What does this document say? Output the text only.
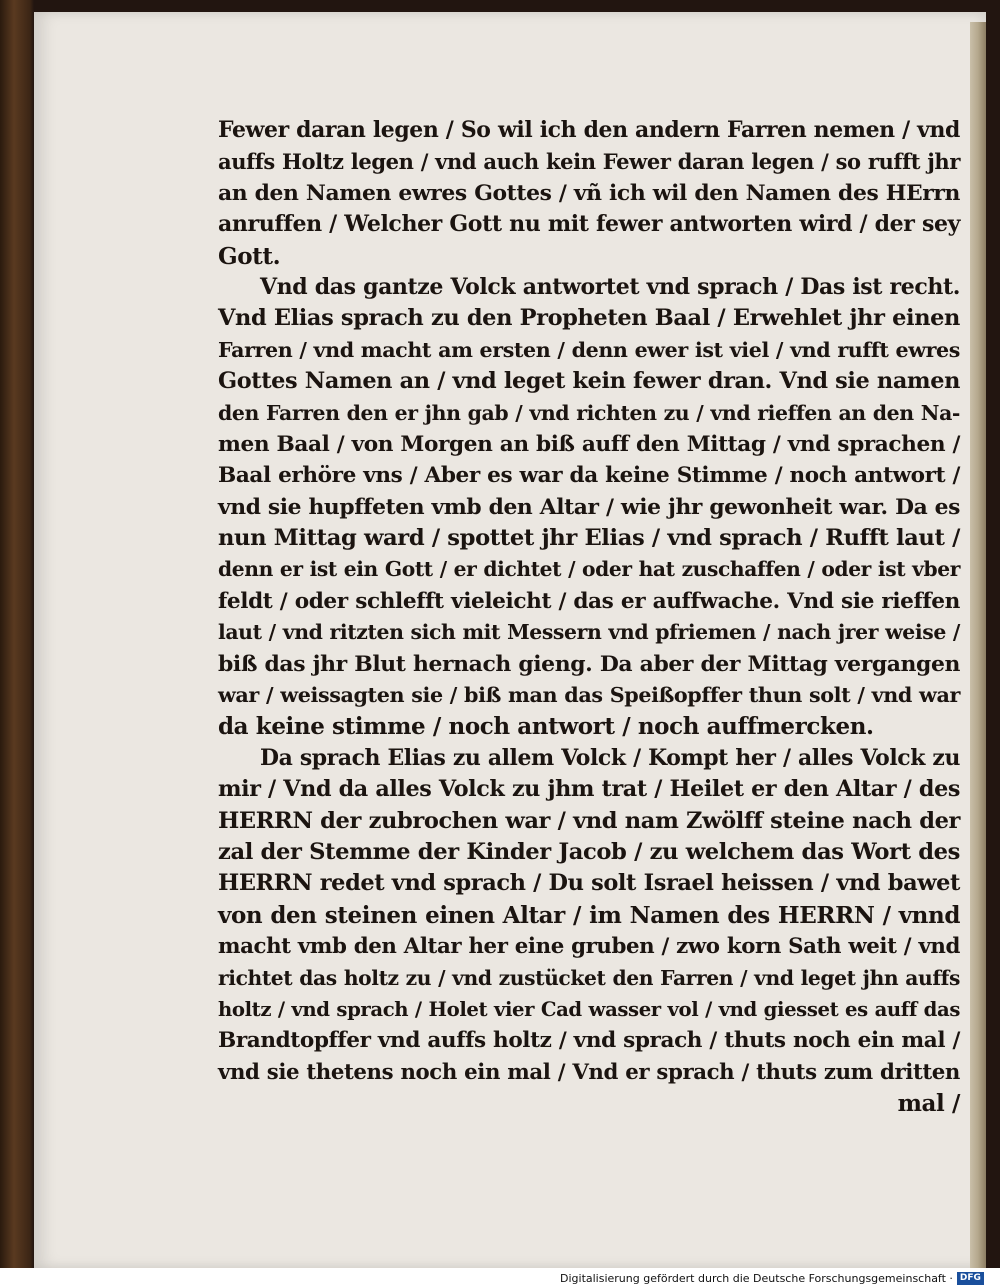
Fewer daran legen / So wil ich den andern Farren nemen / vnd
auffs Holtz legen / vnd auch kein Fewer daran legen / so rufft jhr
an den Namen ewres Gottes / vñ ich wil den Namen des HErrn
anruffen / Welcher Gott nu mit fewer antworten wird / der sey
Gott.
Vnd das gantze Volck antwortet vnd sprach / Das ist recht.
Vnd Elias sprach zu den Propheten Baal / Erwehlet jhr einen
Farren / vnd macht am ersten / denn ewer ist viel / vnd rufft ewres
Gottes Namen an / vnd leget kein fewer dran. Vnd sie namen
den Farren den er jhn gab / vnd richten zu / vnd rieffen an den Na-
men Baal / von Morgen an biß auff den Mittag / vnd sprachen /
Baal erhöre vns / Aber es war da keine Stimme / noch antwort /
vnd sie hupffeten vmb den Altar / wie jhr gewonheit war. Da es
nun Mittag ward / spottet jhr Elias / vnd sprach / Rufft laut /
denn er ist ein Gott / er dichtet / oder hat zuschaffen / oder ist vber
feldt / oder schlefft vieleicht / das er auffwache. Vnd sie rieffen
laut / vnd ritzten sich mit Messern vnd pfriemen / nach jrer weise /
biß das jhr Blut hernach gieng. Da aber der Mittag vergangen
war / weissagten sie / biß man das Speißopffer thun solt / vnd war
da keine stimme / noch antwort / noch auffmercken.
Da sprach Elias zu allem Volck / Kompt her / alles Volck zu
mir / Vnd da alles Volck zu jhm trat / Heilet er den Altar / des
HERRN der zubrochen war / vnd nam Zwölff steine nach der
zal der Stemme der Kinder Jacob / zu welchem das Wort des
HERRN redet vnd sprach / Du solt Israel heissen / vnd bawet
von den steinen einen Altar / im Namen des HERRN / vnnd
macht vmb den Altar her eine gruben / zwo korn Sath weit / vnd
richtet das holtz zu / vnd zustücket den Farren / vnd leget jhn auffs
holtz / vnd sprach / Holet vier Cad wasser vol / vnd giesset es auff das
Brandtopffer vnd auffs holtz / vnd sprach / thuts noch ein mal /
vnd sie thetens noch ein mal / Vnd er sprach / thuts zum dritten
mal /
Digitalisierung gefördert durch die Deutsche Forschungsgemeinschaft · DFG
